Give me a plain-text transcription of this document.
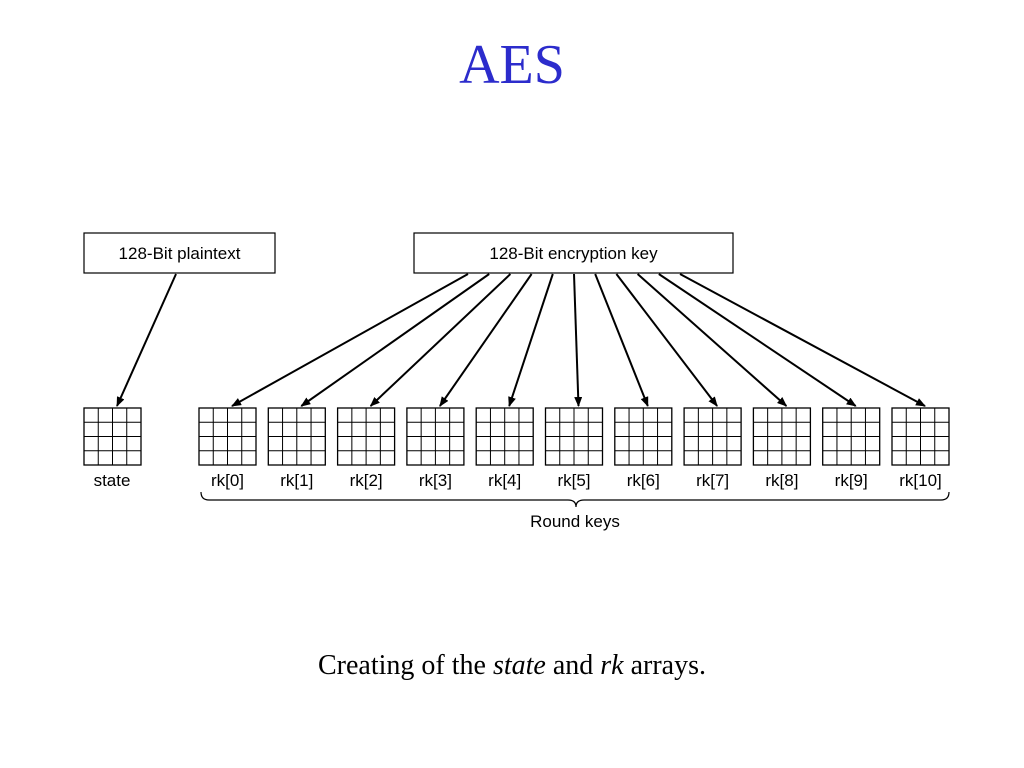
AES
128-Bit plaintext	128-Bit encryption key
state	rk[0] rk[1] rk[2] rk[3] rk[4] rk[5] rk[6] rk[7] rk[8] rk[9] rk[10]
Round keys
Creating of the state and rk arrays.
